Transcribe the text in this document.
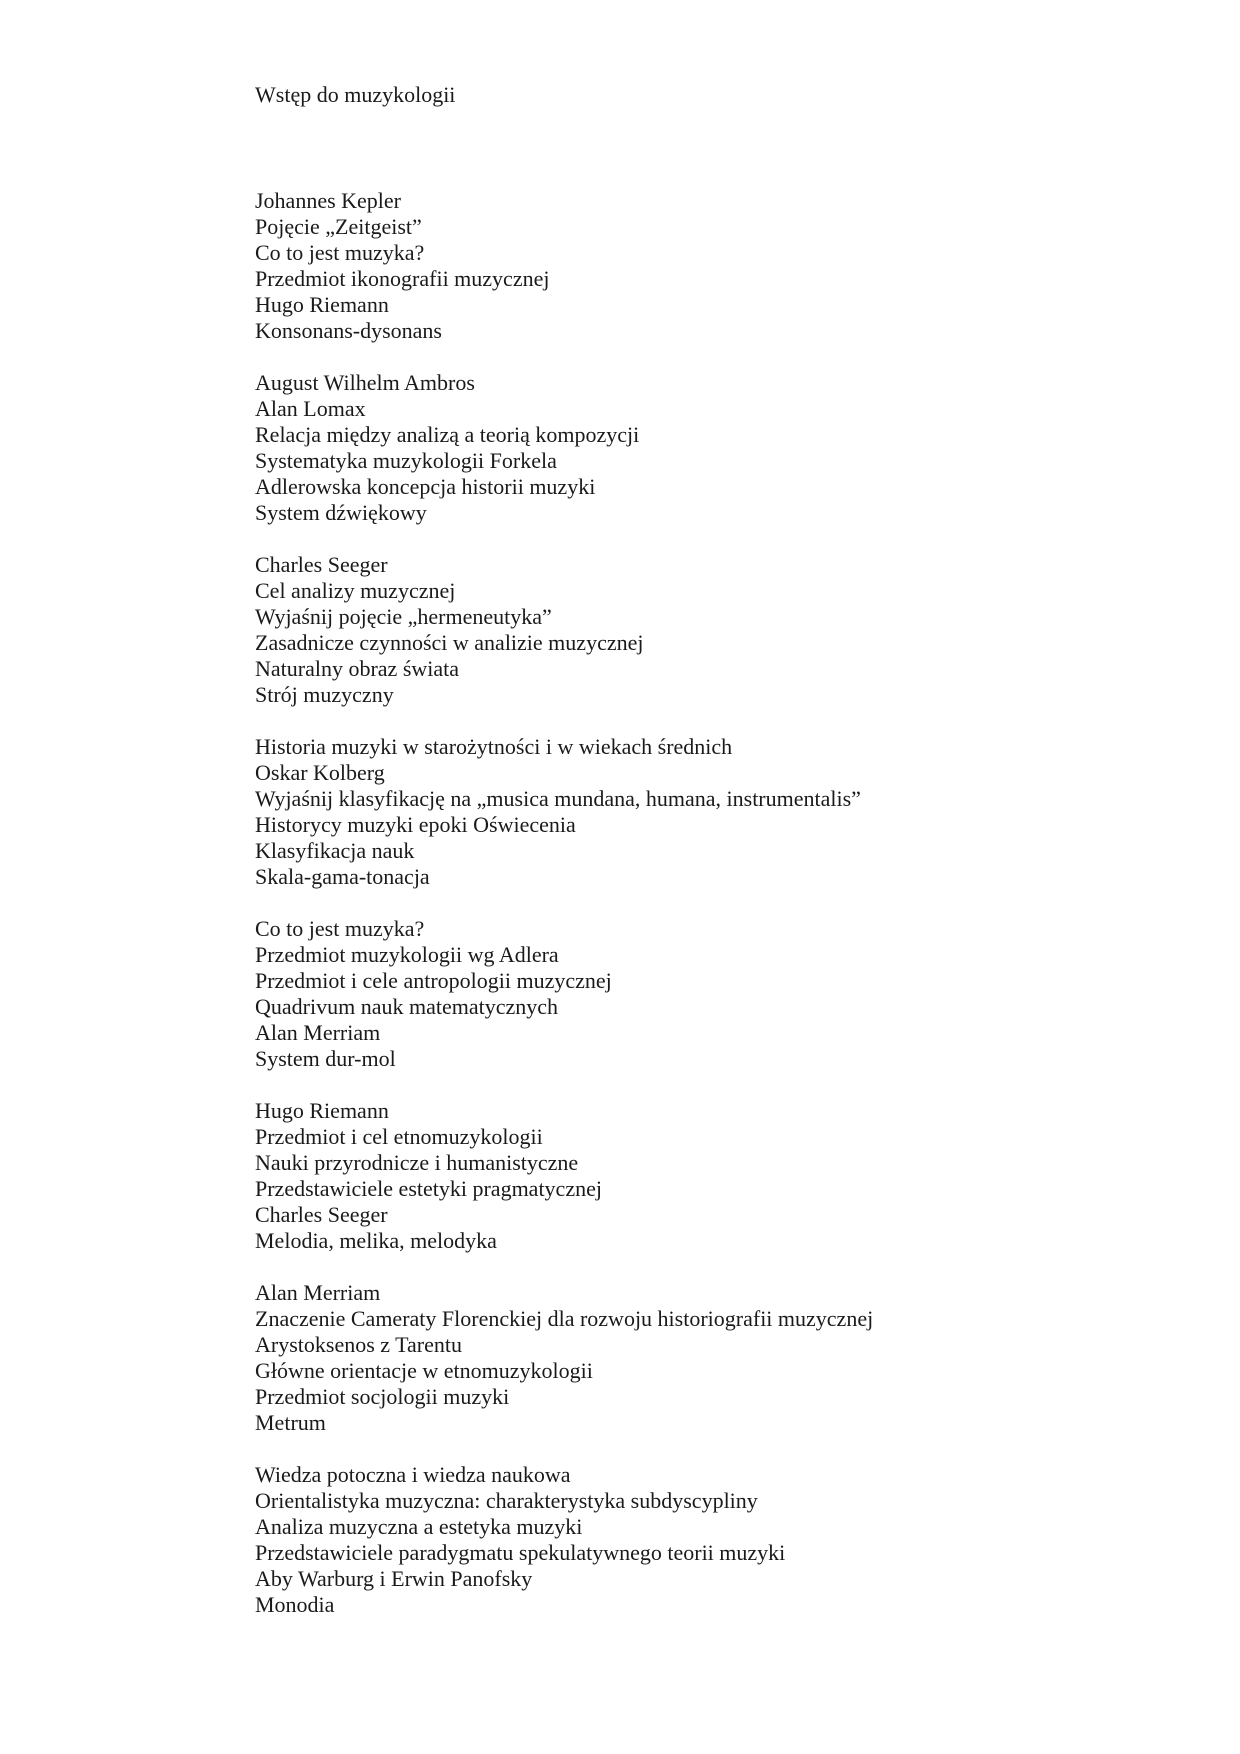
Wstęp do muzykologii
Johannes Kepler
Pojęcie „Zeitgeist”
Co to jest muzyka?
Przedmiot ikonografii muzycznej
Hugo Riemann
Konsonans-dysonans
August Wilhelm Ambros
Alan Lomax
Relacja między analizą a teorią kompozycji
Systematyka muzykologii Forkela
Adlerowska koncepcja historii muzyki
System dźwiękowy
Charles Seeger
Cel analizy muzycznej
Wyjaśnij pojęcie „hermeneutyka”
Zasadnicze czynności w analizie muzycznej
Naturalny obraz świata
Strój muzyczny
Historia muzyki w starożytności i w wiekach średnich
Oskar Kolberg
Wyjaśnij klasyfikację na „musica mundana, humana, instrumentalis”
Historycy muzyki epoki Oświecenia
Klasyfikacja nauk
Skala-gama-tonacja
Co to jest muzyka?
Przedmiot muzykologii wg Adlera
Przedmiot i cele antropologii muzycznej
Quadrivum nauk matematycznych
Alan Merriam
System dur-mol
Hugo Riemann
Przedmiot i cel etnomuzykologii
Nauki przyrodnicze i humanistyczne
Przedstawiciele estetyki pragmatycznej
Charles Seeger
Melodia, melika, melodyka
Alan Merriam
Znaczenie Cameraty Florenckiej dla rozwoju historiografii muzycznej
Arystoksenos z Tarentu
Główne orientacje w etnomuzykologii
Przedmiot socjologii muzyki
Metrum
Wiedza potoczna i wiedza naukowa
Orientalistyka muzyczna: charakterystyka subdyscypliny
Analiza muzyczna a estetyka muzyki
Przedstawiciele paradygmatu spekulatywnego teorii muzyki
Aby Warburg i Erwin Panofsky
Monodia
